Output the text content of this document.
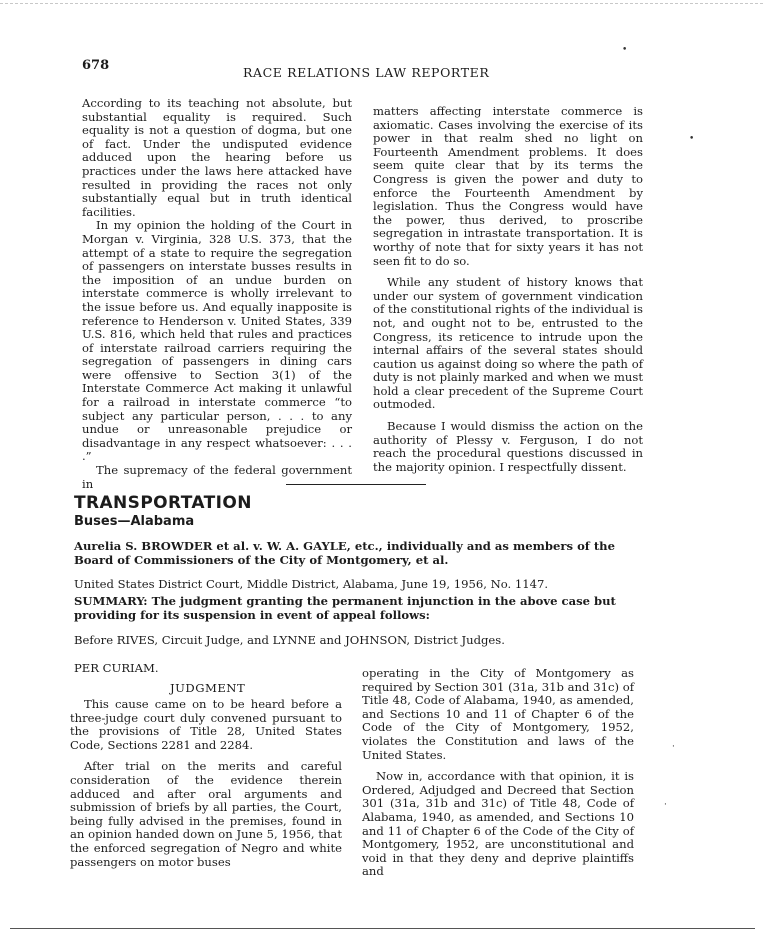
678	RACE RELATIONS LAW REPORTER
•
•
·
·

According to its teaching not absolute, but substantial equality is required. Such equality is not a question of dogma, but one of fact. Under the undisputed evidence adduced upon the hearing before us practices under the laws here attacked have resulted in providing the races not only substantially equal but in truth identical facilities.

In my opinion the holding of the Court in Morgan v. Virginia, 328 U.S. 373, that the attempt of a state to require the segregation of passengers on interstate busses results in the imposition of an undue burden on interstate commerce is wholly irrelevant to the issue before us. And equally inapposite is reference to Henderson v. United States, 339 U.S. 816, which held that rules and practices of interstate railroad carriers requiring the segregation of passengers in dining cars were offensive to Section 3(1) of the Interstate Commerce Act making it unlawful for a railroad in interstate commerce “to subject any particular person, . . . to any undue or unreasonable prejudice or disadvantage in any respect whatsoever: . . . .”

The supremacy of the federal government in

matters affecting interstate commerce is axiomatic. Cases involving the exercise of its power in that realm shed no light on Fourteenth Amendment problems. It does seem quite clear that by its terms the Congress is given the power and duty to enforce the Fourteenth Amendment by legislation. Thus the Congress would have the power, thus derived, to proscribe segregation in intrastate transportation. It is worthy of note that for sixty years it has not seen fit to do so.

While any student of history knows that under our system of government vindication of the constitutional rights of the individual is not, and ought not to be, entrusted to the Congress, its reticence to intrude upon the internal affairs of the several states should caution us against doing so where the path of duty is not plainly marked and when we must hold a clear precedent of the Supreme Court outmoded.

Because I would dismiss the action on the authority of Plessy v. Ferguson, I do not reach the procedural questions discussed in the majority opinion. I respectfully dissent.

TRANSPORTATION
Buses—Alabama
Aurelia S. BROWDER et al. v. W. A. GAYLE, etc., individually and as members of the Board of Commissioners of the City of Montgomery, et al.
United States District Court, Middle District, Alabama, June 19, 1956, No. 1147.
SUMMARY: The judgment granting the permanent injunction in the above case but providing for its suspension in event of appeal follows:
Before RIVES, Circuit Judge, and LYNNE and JOHNSON, District Judges.
PER CURIAM.
JUDGMENT

This cause came on to be heard before a three-judge court duly convened pursuant to the provisions of Title 28, United States Code, Sections 2281 and 2284.

After trial on the merits and careful consideration of the evidence therein adduced and after oral arguments and submission of briefs by all parties, the Court, being fully advised in the premises, found in an opinion handed down on June 5, 1956, that the enforced segregation of Negro and white passengers on motor buses

operating in the City of Montgomery as required by Section 301 (31a, 31b and 31c) of Title 48, Code of Alabama, 1940, as amended, and Sections 10 and 11 of Chapter 6 of the Code of the City of Montgomery, 1952, violates the Constitution and laws of the United States.

Now in, accordance with that opinion, it is Ordered, Adjudged and Decreed that Section 301 (31a, 31b and 31c) of Title 48, Code of Alabama, 1940, as amended, and Sections 10 and 11 of Chapter 6 of the Code of the City of Montgomery, 1952, are unconstitutional and void in that they deny and deprive plaintiffs and
